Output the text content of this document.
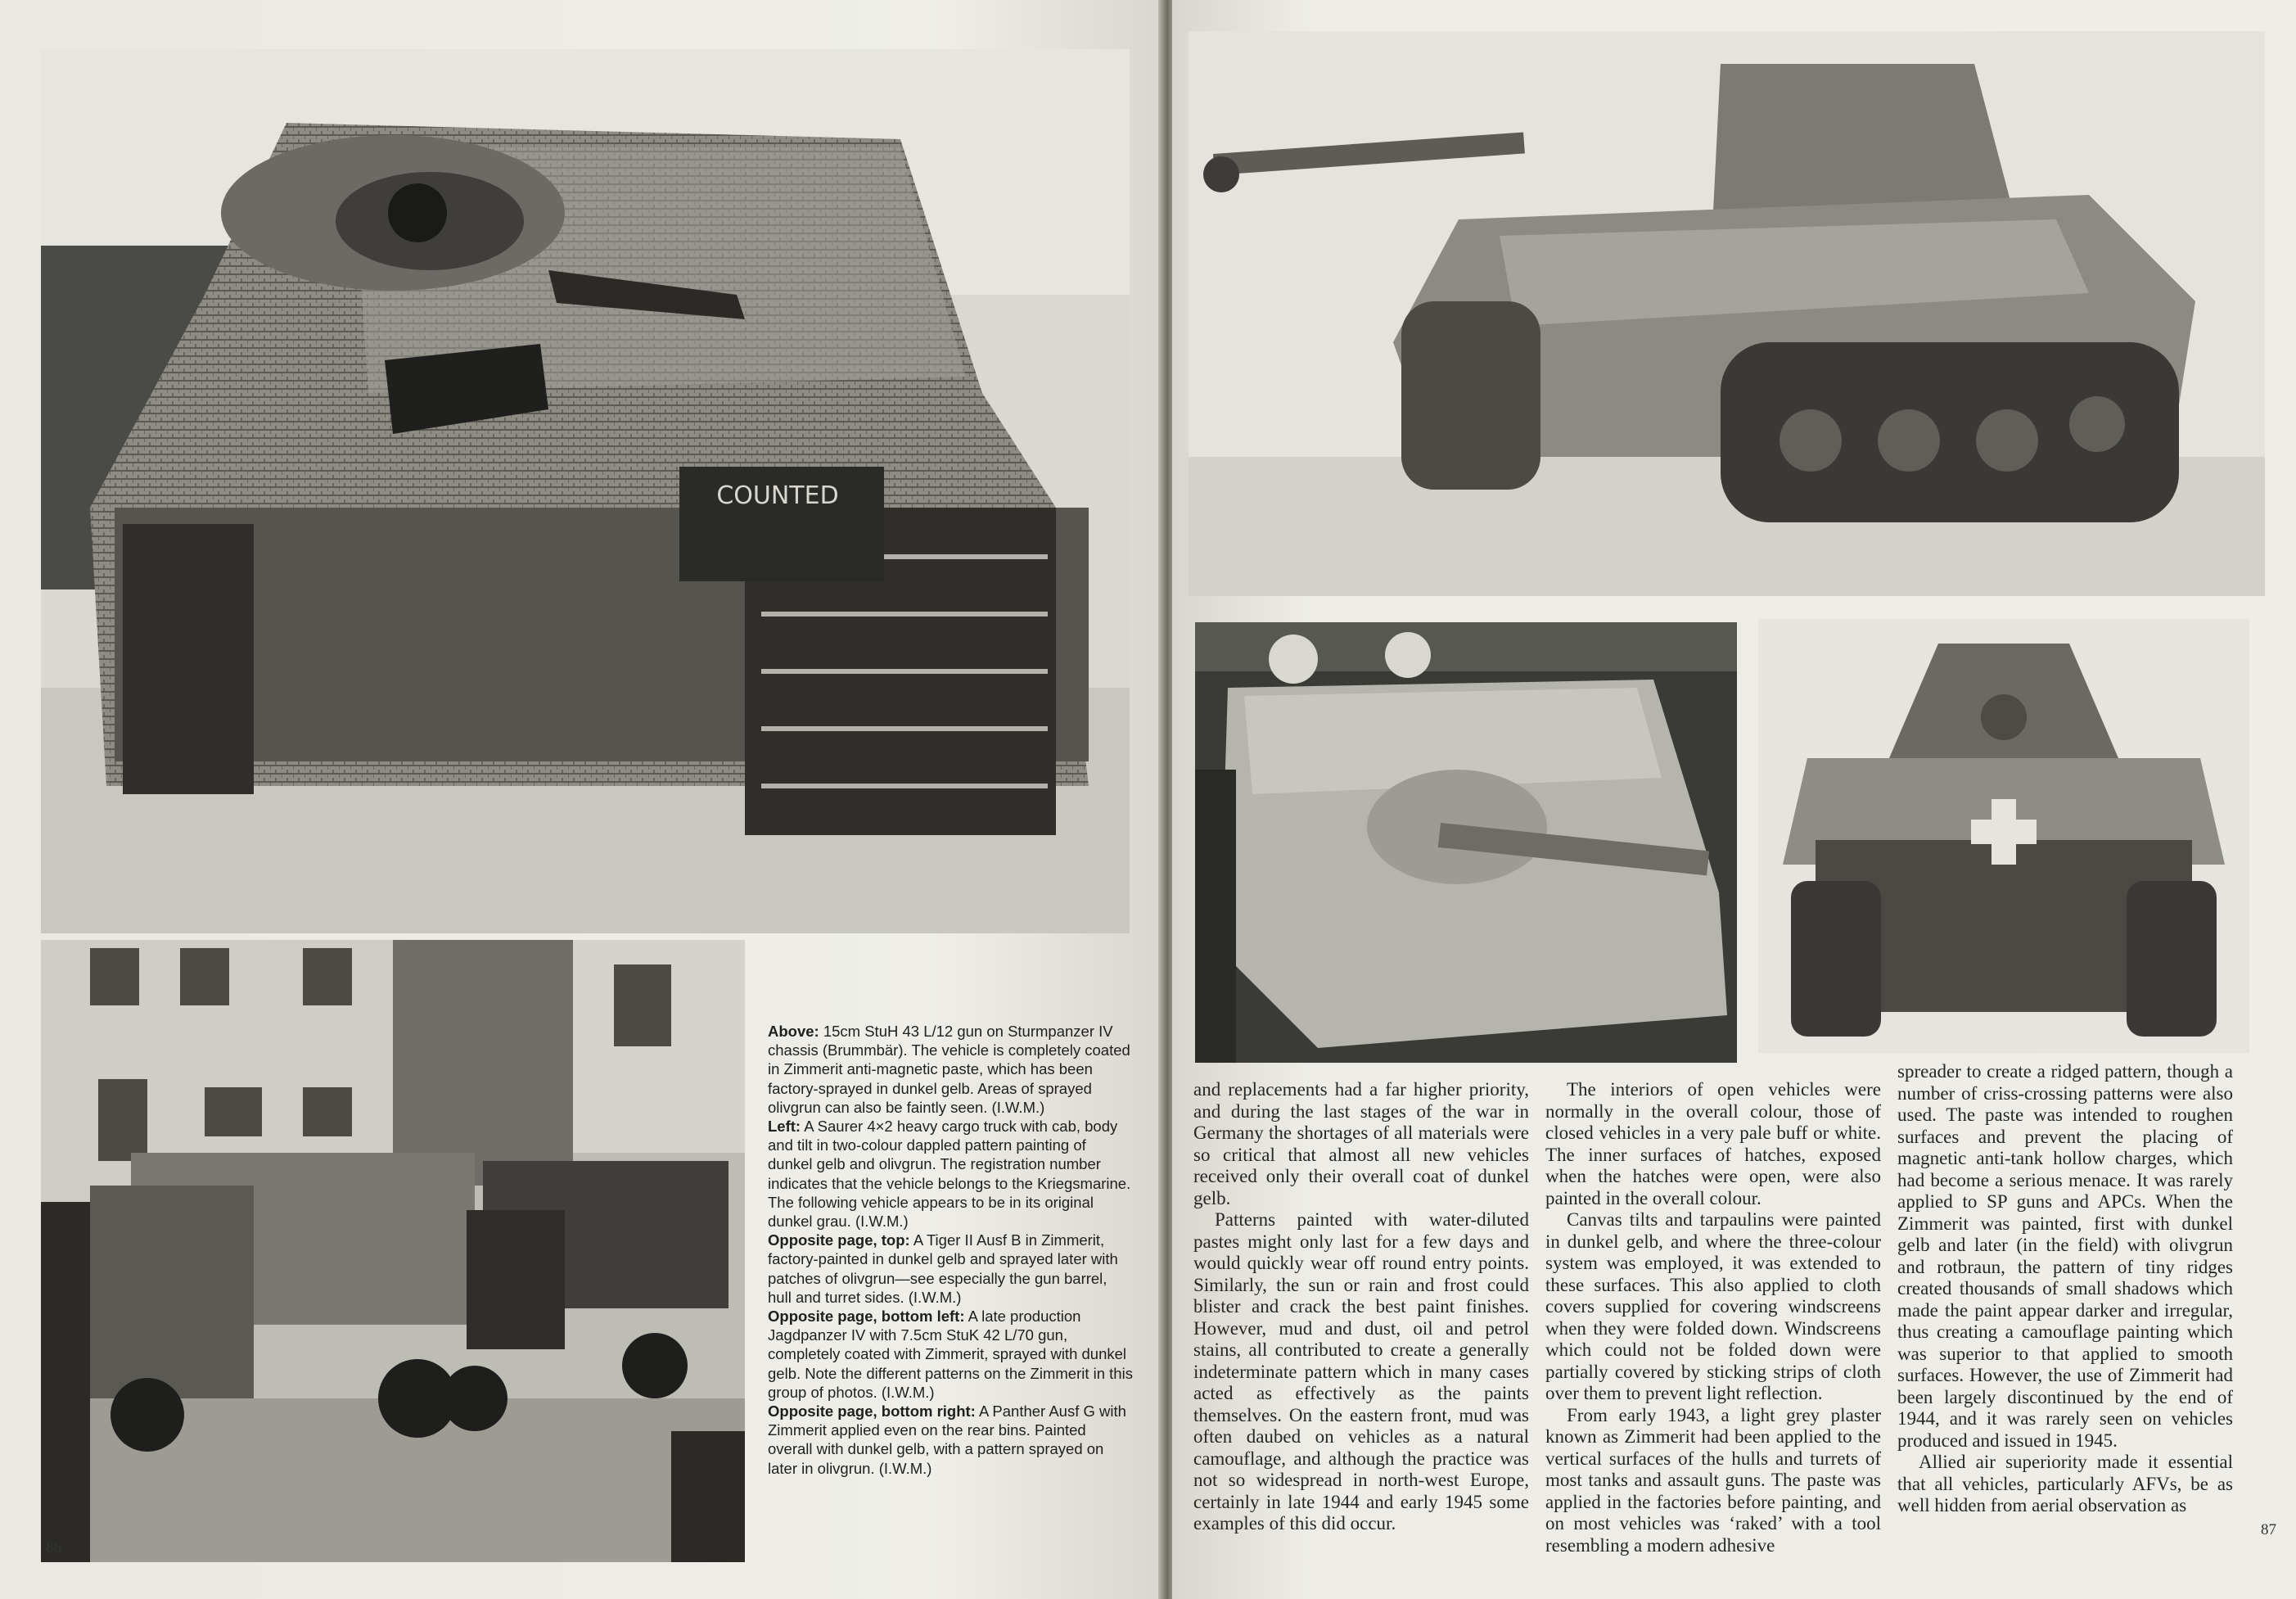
COUNTED

Above: 15cm StuH 43 L/12 gun on Sturmpanzer IV chassis (Brummbär). The vehicle is completely coated in Zimmerit anti-magnetic paste, which has been factory-sprayed in dunkel gelb. Areas of sprayed olivgrun can also be faintly seen. (I.W.M.)

Left: A Saurer 4×2 heavy cargo truck with cab, body and tilt in two-colour dappled pattern painting of dunkel gelb and olivgrun. The registration number indicates that the vehicle belongs to the Kriegsmarine. The following vehicle appears to be in its original dunkel grau. (I.W.M.)

Opposite page, top: A Tiger II Ausf B in Zimmerit, factory-painted in dunkel gelb and sprayed later with patches of olivgrun—see especially the gun barrel, hull and turret sides. (I.W.M.)

Opposite page, bottom left: A late production Jagdpanzer IV with 7.5cm StuK 42 L/70 gun, completely coated with Zimmerit, sprayed with dunkel gelb. Note the different patterns on the Zimmerit in this group of photos. (I.W.M.)

Opposite page, bottom right: A Panther Ausf G with Zimmerit applied even on the rear bins. Painted overall with dunkel gelb, with a pattern sprayed on later in olivgrun. (I.W.M.)

86

and replacements had a far higher priority, and during the last stages of the war in Germany the shortages of all materials were so critical that almost all new vehicles received only their overall coat of dunkel gelb.

Patterns painted with water-diluted pastes might only last for a few days and would quickly wear off round entry points. Similarly, the sun or rain and frost could blister and crack the best paint finishes. However, mud and dust, oil and petrol stains, all contributed to create a generally indeterminate pattern which in many cases acted as effectively as the paints themselves. On the eastern front, mud was often daubed on vehicles as a natural camouflage, and although the practice was not so widespread in north-west Europe, certainly in late 1944 and early 1945 some examples of this did occur.

The interiors of open vehicles were normally in the overall colour, those of closed vehicles in a very pale buff or white. The inner surfaces of hatches, exposed when the hatches were open, were also painted in the overall colour.

Canvas tilts and tarpaulins were painted in dunkel gelb, and where the three-colour system was employed, it was extended to these surfaces. This also applied to cloth covers supplied for covering windscreens when they were folded down. Windscreens which could not be folded down were partially covered by sticking strips of cloth over them to prevent light reflection.

From early 1943, a light grey plaster known as Zimmerit had been applied to the vertical surfaces of the hulls and turrets of most tanks and assault guns. The paste was applied in the factories before painting, and on most vehicles was ‘raked’ with a tool resembling a modern adhesive

spreader to create a ridged pattern, though a number of criss-crossing patterns were also used. The paste was intended to roughen surfaces and prevent the placing of magnetic anti-tank hollow charges, which had become a serious menace. It was rarely applied to SP guns and APCs. When the Zimmerit was painted, first with dunkel gelb and later (in the field) with olivgrun and rotbraun, the pattern of tiny ridges created thousands of small shadows which made the paint appear darker and irregular, thus creating a camouflage painting which was superior to that applied to smooth surfaces. However, the use of Zimmerit had been largely discontinued by the end of 1944, and it was rarely seen on vehicles produced and issued in 1945.

Allied air superiority made it essential that all vehicles, particularly AFVs, be as well hidden from aerial observation as

87
